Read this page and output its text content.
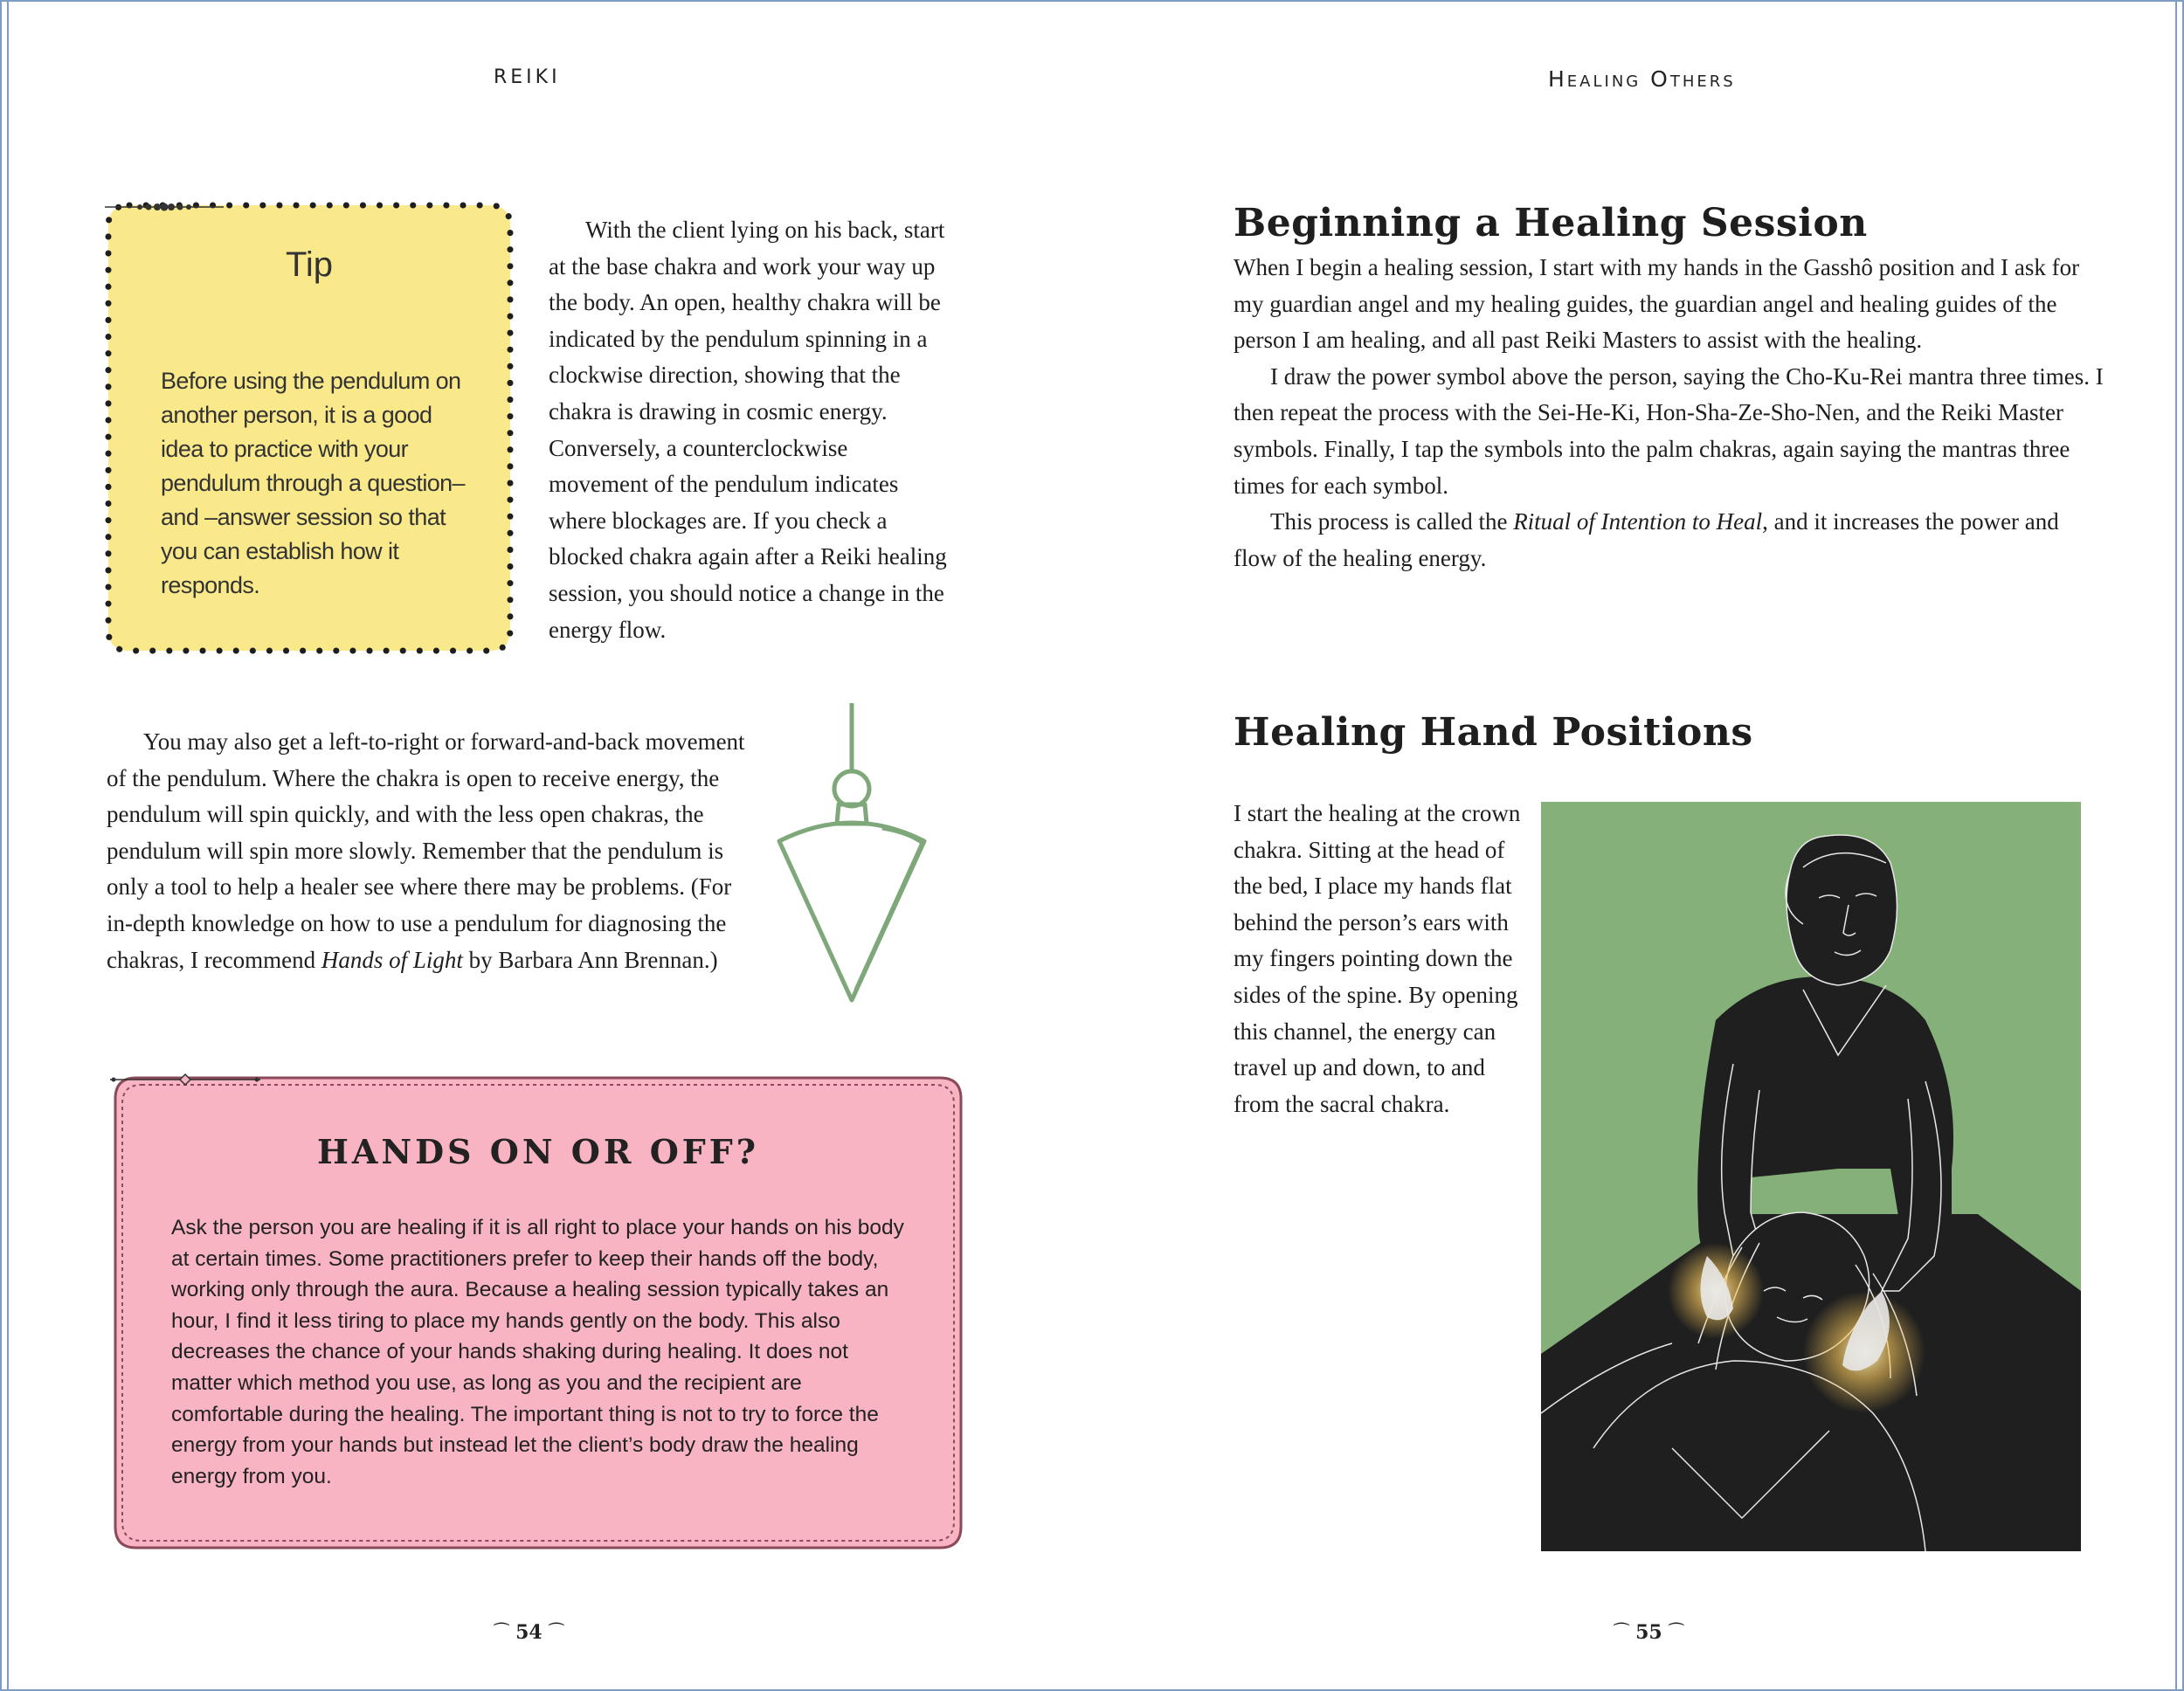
REIKI
Tip

Before using the pendulum on another person, it is a good idea to practice with your pendulum through a question–and –answer session so that you can establish how it responds.

With the client lying on his back, start at the base chakra and work your way up the body. An open, healthy chakra will be indicated by the pendulum spinning in a clockwise direction, showing that the chakra is drawing in cosmic energy. Conversely, a counterclockwise movement of the pendulum indicates where blockages are. If you check a blocked chakra again after a Reiki healing session, you should notice a change in the energy flow.

You may also get a left-to-right or forward-and-back movement of the pendulum. Where the chakra is open to receive energy, the pendulum will spin quickly, and with the less open chakras, the pendulum will spin more slowly. Remember that the pendulum is only a tool to help a healer see where there may be problems. (For in-depth knowledge on how to use a pendulum for diagnosing the chakras, I recommend Hands of Light by Barbara Ann Brennan.)

HANDS ON OR OFF?

Ask the person you are healing if it is all right to place your hands on his body at certain times. Some practitioners prefer to keep their hands off the body, working only through the aura. Because a healing session typically takes an hour, I find it less tiring to place my hands gently on the body. This also decreases the chance of your hands shaking during healing. It does not matter which method you use, as long as you and the recipient are comfortable during the healing. The important thing is not to try to force the energy from your hands but instead let the client’s body draw the healing energy from you.

⁀ 54 ⁀
Healing Others
Beginning a Healing Session

When I begin a healing session, I start with my hands in the Gasshô position and I ask for my guardian angel and my healing guides, the guardian angel and healing guides of the person I am healing, and all past Reiki Masters to assist with the healing.

I draw the power symbol above the person, saying the Cho-Ku-Rei mantra three times. I then repeat the process with the Sei-He-Ki, Hon-Sha-Ze-Sho-Nen, and the Reiki Master symbols. Finally, I tap the symbols into the palm chakras, again saying the mantras three times for each symbol.

This process is called the Ritual of Intention to Heal, and it increases the power and flow of the healing energy.

Healing Hand Positions

I start the healing at the crown chakra. Sitting at the head of the bed, I place my hands flat behind the person’s ears with my fingers pointing down the sides of the spine. By opening this channel, the energy can travel up and down, to and from the sacral chakra.

⁀ 55 ⁀
